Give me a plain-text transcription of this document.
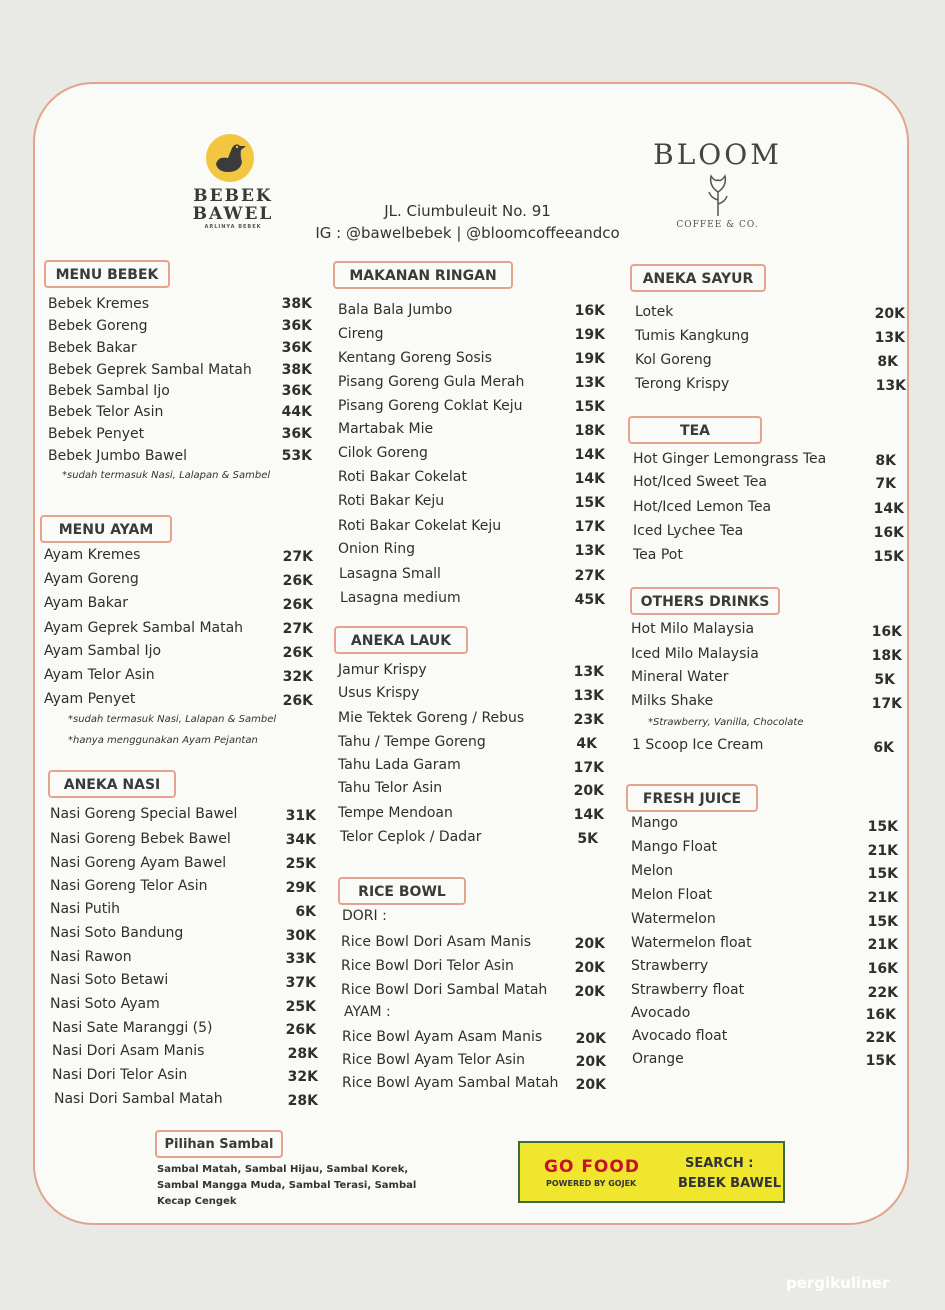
BEBEK
BAWEL
ARLINYA BEBEK
BLOOM
COFFEE & CO.
JL. Ciumbuleuit No. 91
IG : @bawelbebek | @bloomcoffeeandco
MENU BEBEK
Bebek Kremes	38K
Bebek Goreng	36K
Bebek Bakar	36K
Bebek Geprek Sambal Matah	38K
Bebek Sambal Ijo	36K
Bebek Telor Asin	44K
Bebek Penyet	36K
Bebek Jumbo Bawel	53K
*sudah termasuk Nasi, Lalapan & Sambel
MENU AYAM
Ayam Kremes	27K
Ayam Goreng	26K
Ayam Bakar	26K
Ayam Geprek Sambal Matah	27K
Ayam Sambal Ijo	26K
Ayam Telor Asin	32K
Ayam Penyet	26K
*sudah termasuk Nasi, Lalapan & Sambel
*hanya menggunakan Ayam Pejantan
ANEKA NASI
Nasi Goreng Special Bawel	31K
Nasi Goreng Bebek Bawel	34K
Nasi Goreng Ayam Bawel	25K
Nasi Goreng Telor Asin	29K
Nasi Putih	6K
Nasi Soto Bandung	30K
Nasi Rawon	33K
Nasi Soto Betawi	37K
Nasi Soto Ayam	25K
Nasi Sate Maranggi (5)	26K
Nasi Dori Asam Manis	28K
Nasi Dori Telor Asin	32K
Nasi Dori Sambal Matah	28K
Pilihan Sambal
Sambal Matah, Sambal Hijau, Sambal Korek,
Sambal Mangga Muda, Sambal Terasi, Sambal
Kecap Cengek
MAKANAN RINGAN
Bala Bala Jumbo	16K
Cireng	19K
Kentang Goreng Sosis	19K
Pisang Goreng Gula Merah	13K
Pisang Goreng Coklat Keju	15K
Martabak Mie	18K
Cilok Goreng	14K
Roti Bakar Cokelat	14K
Roti Bakar Keju	15K
Roti Bakar Cokelat Keju	17K
Onion Ring	13K
Lasagna Small	27K
Lasagna medium	45K
ANEKA LAUK
Jamur Krispy	13K
Usus Krispy	13K
Mie Tektek Goreng / Rebus	23K
Tahu / Tempe Goreng	4K
Tahu Lada Garam	17K
Tahu Telor Asin	20K
Tempe Mendoan	14K
Telor Ceplok / Dadar	5K
RICE BOWL
DORI :
Rice Bowl Dori Asam Manis	20K
Rice Bowl Dori Telor Asin	20K
Rice Bowl Dori Sambal Matah	20K
AYAM :
Rice Bowl Ayam Asam Manis	20K
Rice Bowl Ayam Telor Asin	20K
Rice Bowl Ayam Sambal Matah	20K
ANEKA SAYUR
Lotek	20K
Tumis Kangkung	13K
Kol Goreng	8K
Terong Krispy	13K
TEA
Hot Ginger Lemongrass Tea	8K
Hot/Iced Sweet Tea	7K
Hot/Iced Lemon Tea	14K
Iced Lychee Tea	16K
Tea Pot	15K
OTHERS DRINKS
Hot Milo Malaysia	16K
Iced Milo Malaysia	18K
Mineral Water	5K
Milks Shake	17K
*Strawberry, Vanilla, Chocolate
1 Scoop Ice Cream	6K
FRESH JUICE
Mango	15K
Mango Float	21K
Melon	15K
Melon Float	21K
Watermelon	15K
Watermelon float	21K
Strawberry	16K
Strawberry float	22K
Avocado	16K
Avocado float	22K
Orange	15K
GO FOOD
POWERED BY GOJEK
SEARCH :
BEBEK BAWEL
pergikuliner
